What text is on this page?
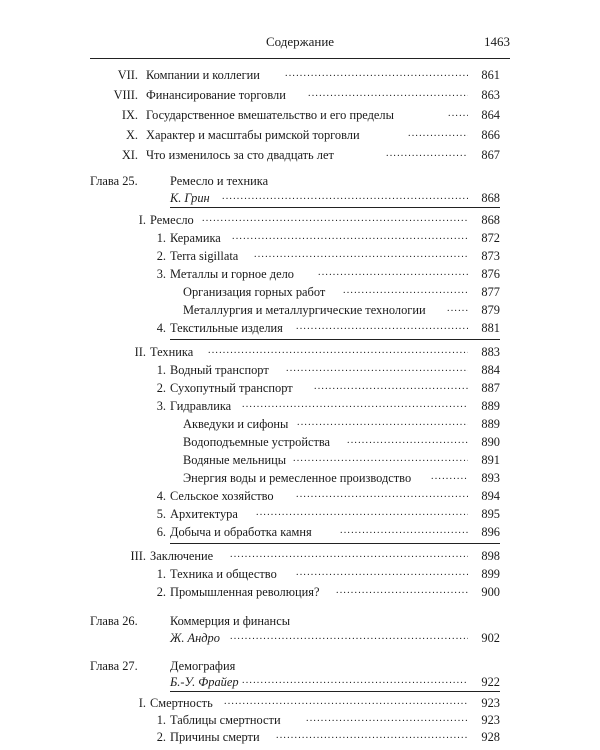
Содержание	1463
VII. Компании и коллегии .....	861
VIII. Финансирование торговли .....	863
IX. Государственное вмешательство и его пределы .....	864
X. Характер и масштабы римской торговли .....	866
XI. Что изменилось за сто двадцать лет .....	867
Глава 25.	Ремесло и техника
К. Грин .....	868
I. Ремесло .....	868
1. Керамика .....	872
2. Terra sigillata .....	873
3. Металлы и горное дело .....	876
Организация горных работ .....	877
Металлургия и металлургические технологии .....	879
4. Текстильные изделия .....	881
II. Техника .....	883
1. Водный транспорт .....	884
2. Сухопутный транспорт .....	887
3. Гидравлика .....	889
Акведуки и сифоны .....	889
Водоподъемные устройства .....	890
Водяные мельницы .....	891
Энергия воды и ремесленное производство .....	893
4. Сельское хозяйство .....	894
5. Архитектура .....	895
6. Добыча и обработка камня .....	896
III. Заключение .....	898
1. Техника и общество .....	899
2. Промышленная революция? .....	900
Глава 26.	Коммерция и финансы
Ж. Андро .....	902
Глава 27.	Демография
Б.-У. Фрайер .....	922
I. Смертность .....	923
1. Таблицы смертности .....	923
2. Причины смерти .....	928
